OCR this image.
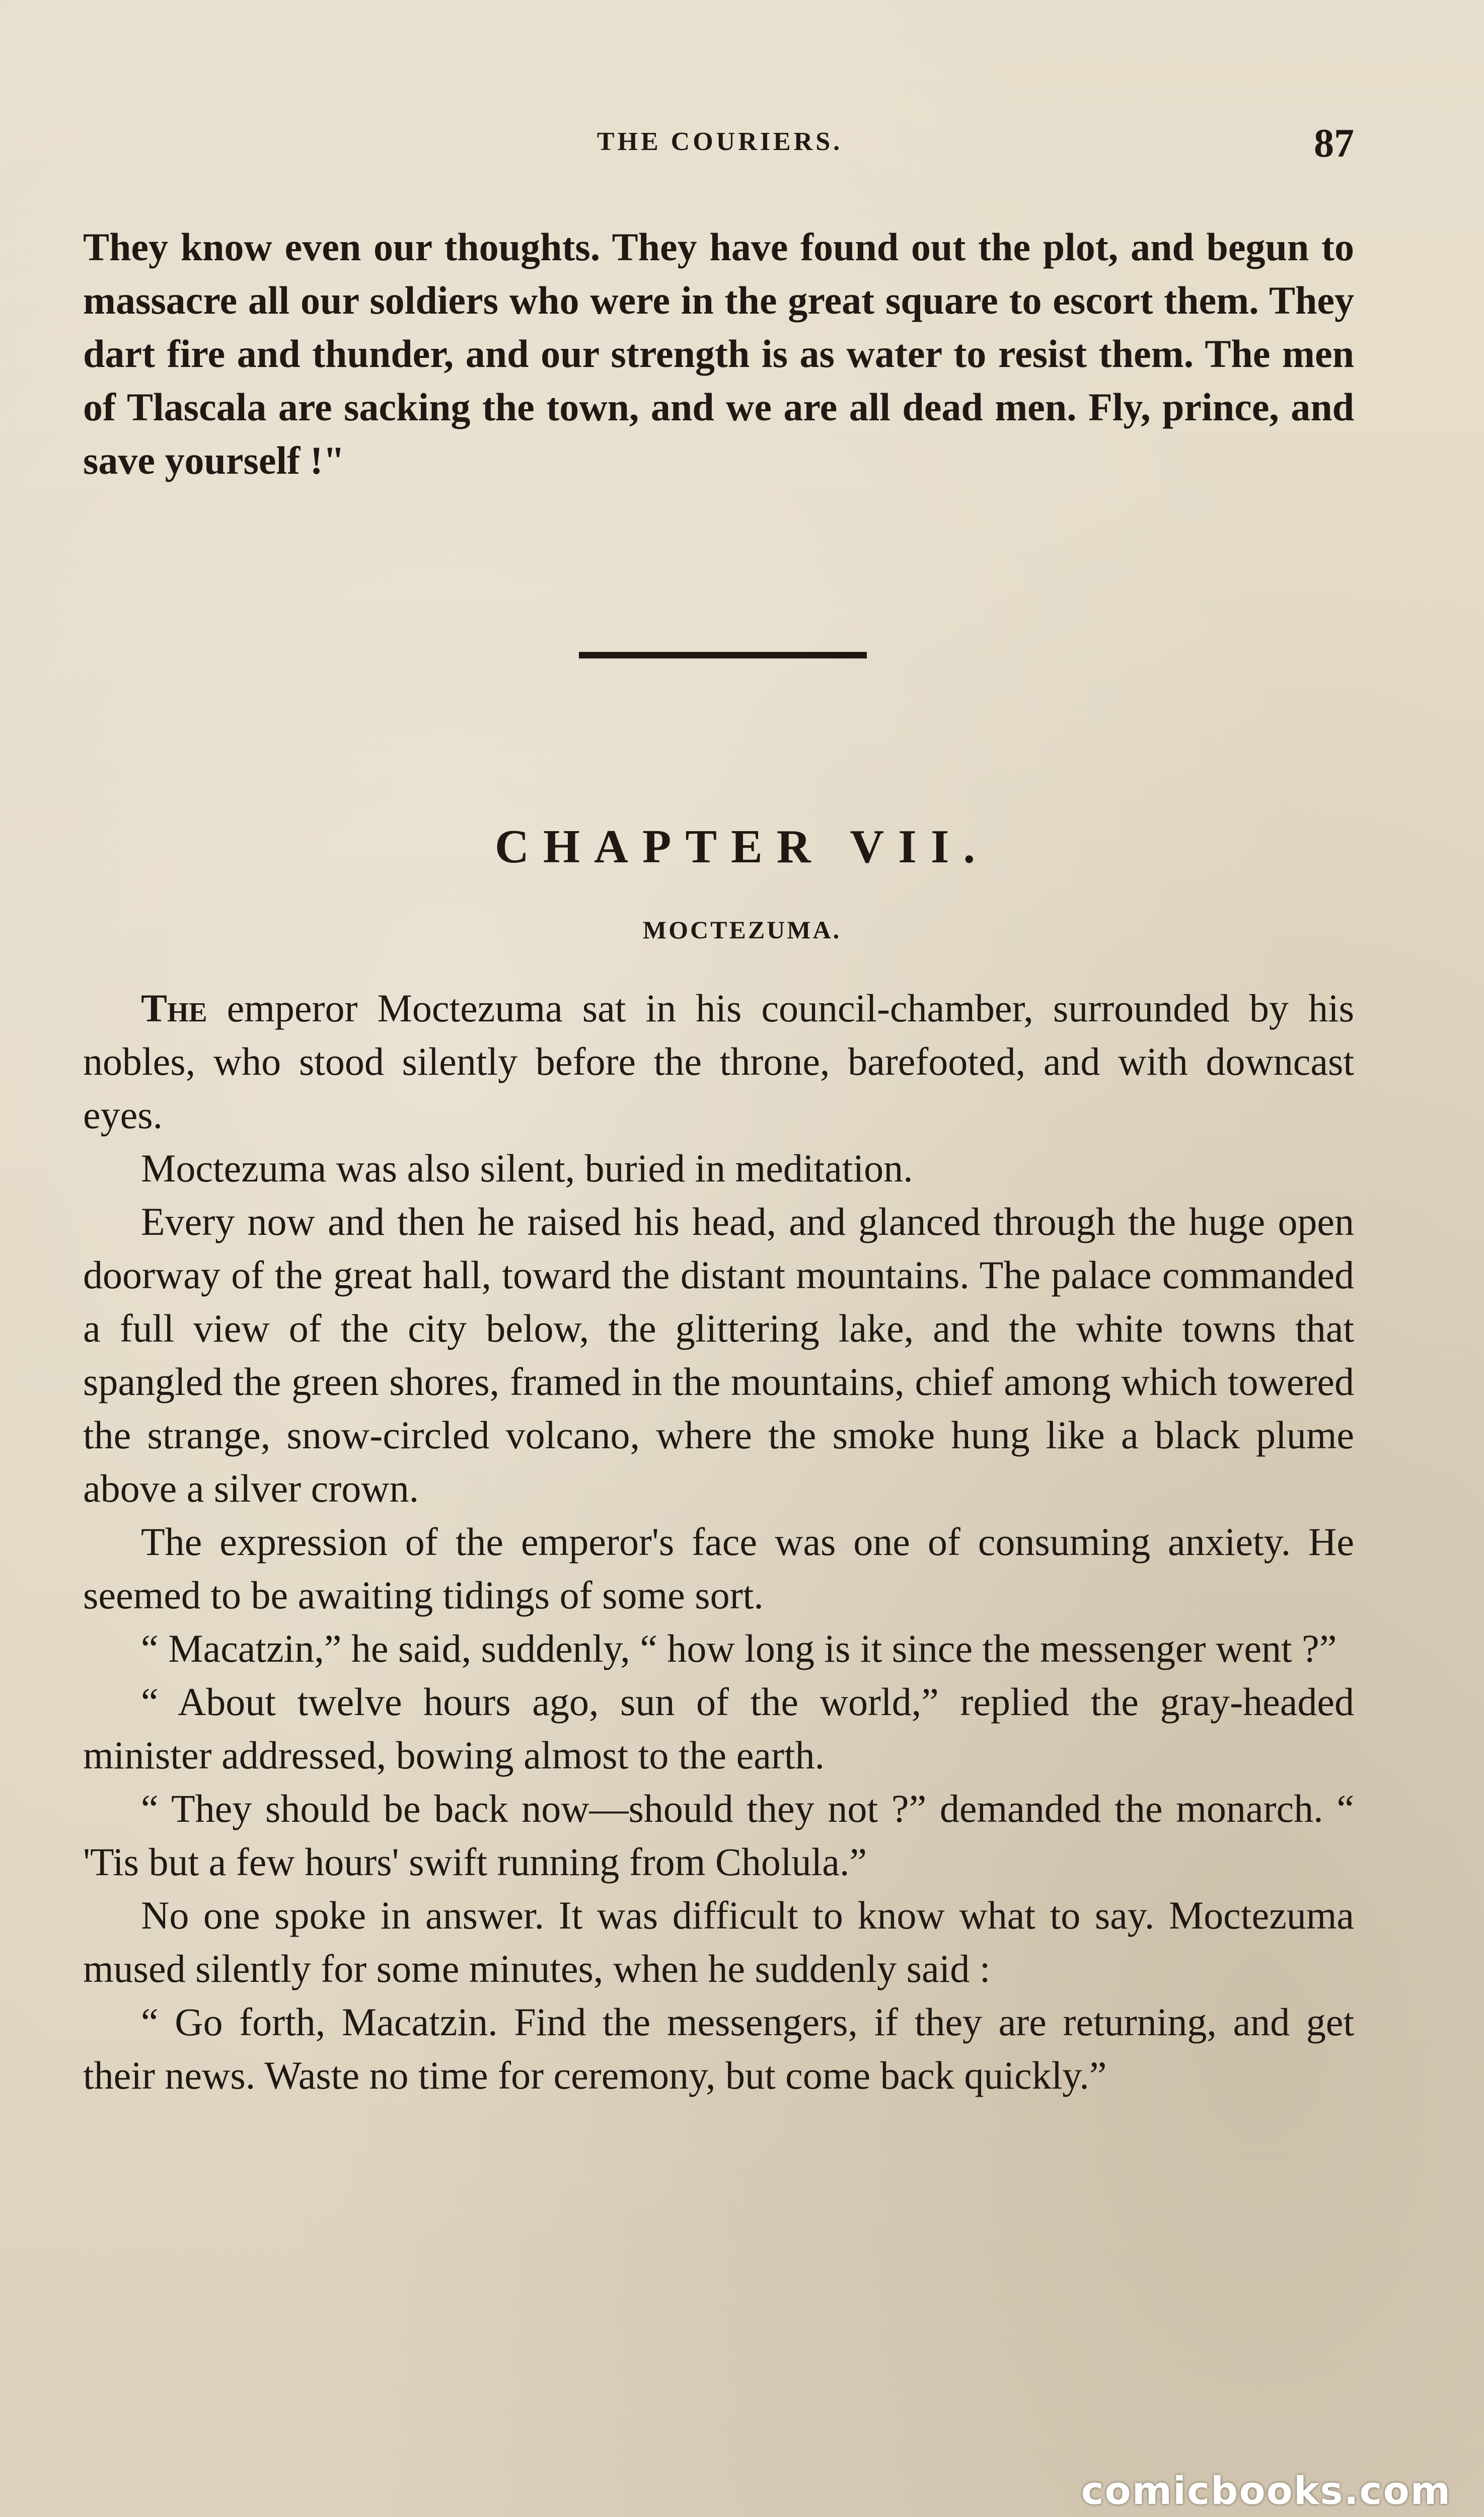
THE COURIERS.	87

They know even our thoughts. They have found out the plot, and begun to massacre all our soldiers who were in the great square to escort them. They dart fire and thunder, and our strength is as water to resist them. The men of Tlascala are sacking the town, and we are all dead men. Fly, prince, and save yourself !"

CHAPTER VII.
MOCTEZUMA.

The emperor Moctezuma sat in his council-chamber, surrounded by his nobles, who stood silently before the throne, barefooted, and with downcast eyes.

Moctezuma was also silent, buried in meditation.

Every now and then he raised his head, and glanced through the huge open doorway of the great hall, toward the distant mountains. The palace commanded a full view of the city below, the glittering lake, and the white towns that spangled the green shores, framed in the mountains, chief among which towered the strange, snow-circled volcano, where the smoke hung like a black plume above a silver crown.

The expression of the emperor's face was one of consuming anxiety. He seemed to be awaiting tidings of some sort.

“ Macatzin,” he said, suddenly, “ how long is it since the messenger went ?”

“ About twelve hours ago, sun of the world,” replied the gray-headed minister addressed, bowing almost to the earth.

“ They should be back now—should they not ?” demanded the monarch. “ 'Tis but a few hours' swift running from Cholula.”

No one spoke in answer. It was difficult to know what to say. Moctezuma mused silently for some minutes, when he suddenly said :

“ Go forth, Macatzin. Find the messengers, if they are returning, and get their news. Waste no time for ceremony, but come back quickly.”

comicbooks.com
